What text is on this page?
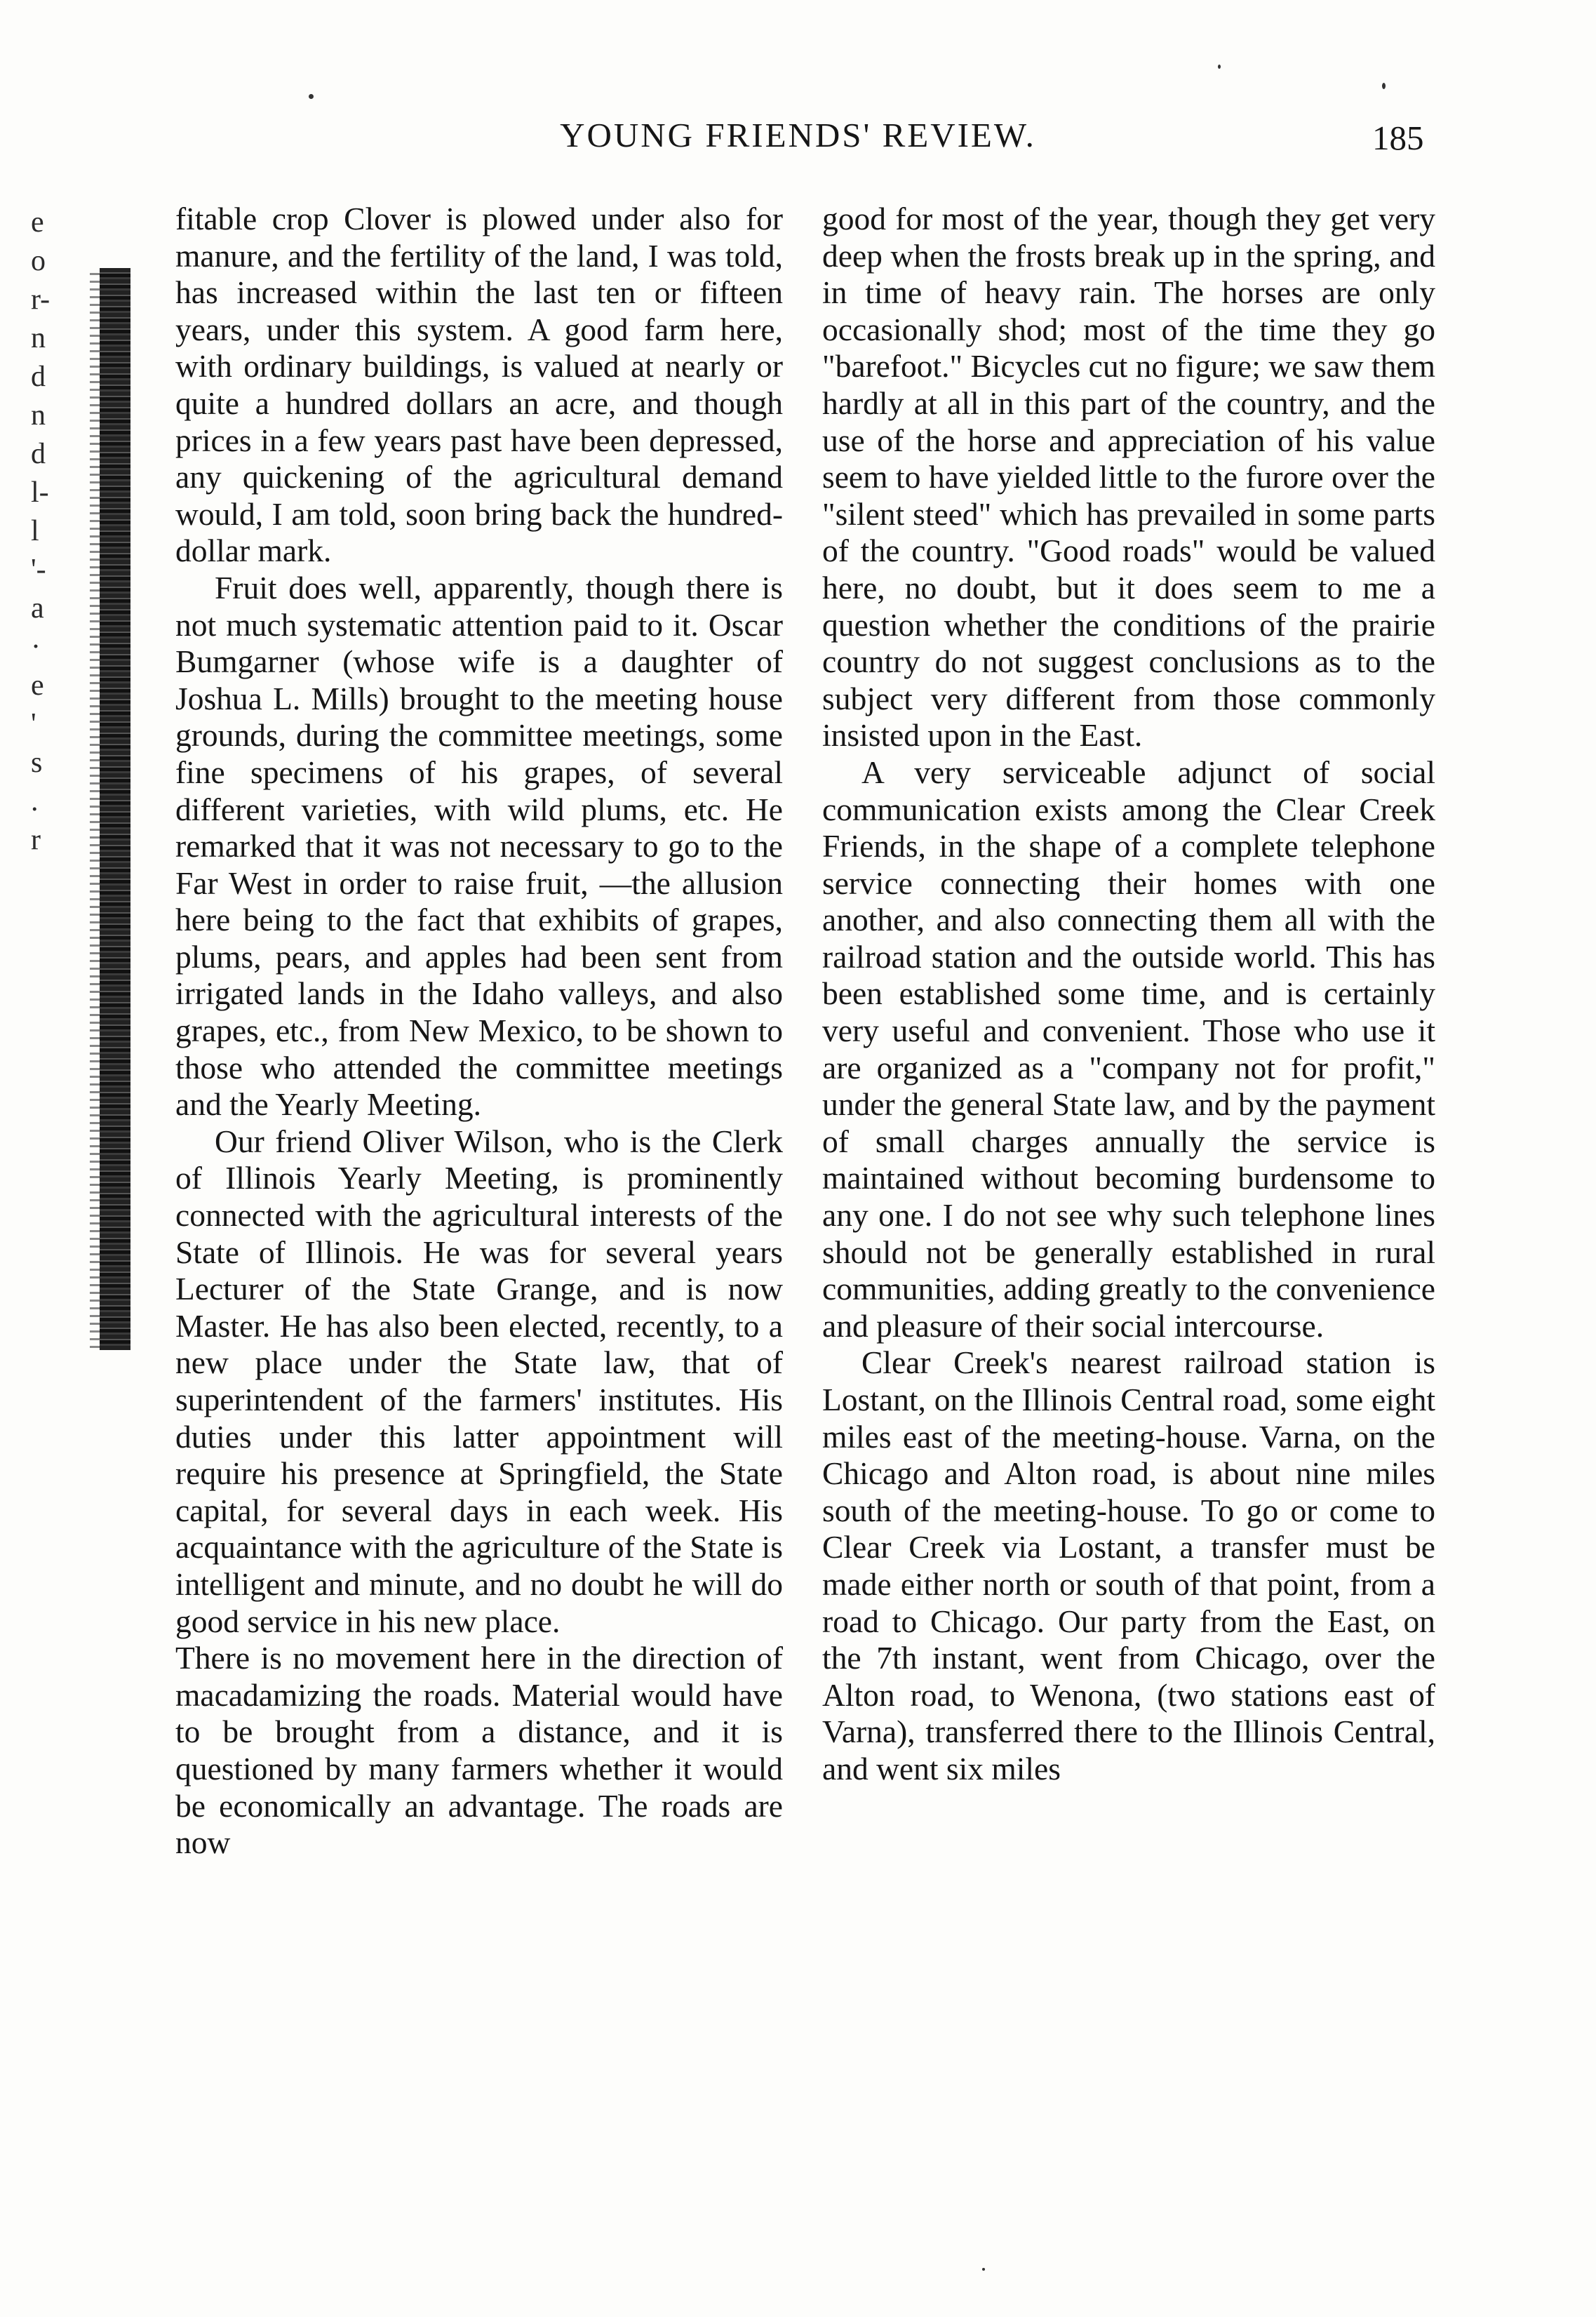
YOUNG FRIENDS' REVIEW.	185
e
o
r-
n
d
n
d
l-
l
'-
a
·
e
'
s
.
r

fitable crop Clover is plowed under also for manure, and the fertility of the land, I was told, has increased within the last ten or fifteen years, under this system. A good farm here, with ordinary buildings, is valued at nearly or quite a hundred dollars an acre, and though prices in a few years past have been depressed, any quickening of the agricultural demand would, I am told, soon bring back the hundred-dollar mark.

Fruit does well, apparently, though there is not much systematic attention paid to it. Oscar Bumgarner (whose wife is a daughter of Joshua L. Mills) brought to the meeting house grounds, during the committee meetings, some fine specimens of his grapes, of several different varieties, with wild plums, etc. He remarked that it was not necessary to go to the Far West in order to raise fruit, —the allusion here being to the fact that exhibits of grapes, plums, pears, and apples had been sent from irrigated lands in the Idaho valleys, and also grapes, etc., from New Mexico, to be shown to those who attended the committee meetings and the Yearly Meeting.

Our friend Oliver Wilson, who is the Clerk of Illinois Yearly Meeting, is prominently connected with the agricultural interests of the State of Illinois. He was for several years Lecturer of the State Grange, and is now Master. He has also been elected, recently, to a new place under the State law, that of superintendent of the farmers' institutes. His duties under this latter appointment will require his presence at Springfield, the State capital, for several days in each week. His acquaintance with the agriculture of the State is intelligent and minute, and no doubt he will do good service in his new place.

There is no movement here in the direction of macadamizing the roads. Material would have to be brought from a distance, and it is questioned by many farmers whether it would be economically an advantage. The roads are now

good for most of the year, though they get very deep when the frosts break up in the spring, and in time of heavy rain. The horses are only occasionally shod; most of the time they go "barefoot." Bicycles cut no figure; we saw them hardly at all in this part of the country, and the use of the horse and appreciation of his value seem to have yielded little to the furore over the "silent steed" which has prevailed in some parts of the country. "Good roads" would be valued here, no doubt, but it does seem to me a question whether the conditions of the prairie country do not suggest conclusions as to the subject very different from those commonly insisted upon in the East.

A very serviceable adjunct of social communication exists among the Clear Creek Friends, in the shape of a complete telephone service connecting their homes with one another, and also connecting them all with the railroad station and the outside world. This has been established some time, and is certainly very useful and convenient. Those who use it are organized as a "company not for profit," under the general State law, and by the payment of small charges annually the service is maintained without becoming burdensome to any one. I do not see why such telephone lines should not be generally established in rural communities, adding greatly to the convenience and pleasure of their social intercourse.

Clear Creek's nearest railroad station is Lostant, on the Illinois Central road, some eight miles east of the meeting-house. Varna, on the Chicago and Alton road, is about nine miles south of the meeting-house. To go or come to Clear Creek via Lostant, a transfer must be made either north or south of that point, from a road to Chicago. Our party from the East, on the 7th instant, went from Chicago, over the Alton road, to Wenona, (two stations east of Varna), transferred there to the Illinois Central, and went six miles
